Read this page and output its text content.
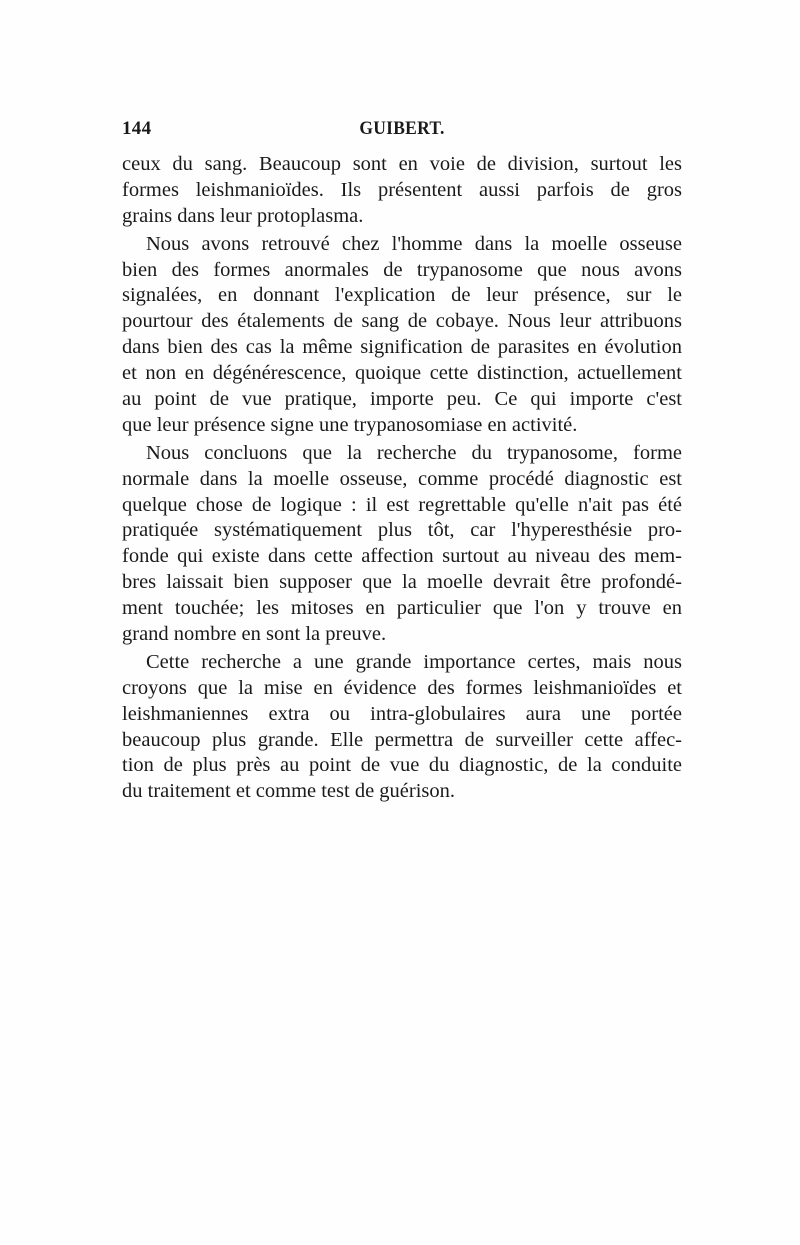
144	GUIBERT.
ceux du sang. Beaucoup sont en voie de division, surtout les
formes leishmanioïdes. Ils présentent aussi parfois de gros
grains dans leur protoplasma.
Nous avons retrouvé chez l'homme dans la moelle osseuse
bien des formes anormales de trypanosome que nous avons
signalées, en donnant l'explication de leur présence, sur le
pourtour des étalements de sang de cobaye. Nous leur attribuons
dans bien des cas la même signification de parasites en évolution
et non en dégénérescence, quoique cette distinction, actuellement
au point de vue pratique, importe peu. Ce qui importe c'est
que leur présence signe une trypanosomiase en activité.
Nous concluons que la recherche du trypanosome, forme
normale dans la moelle osseuse, comme procédé diagnostic est
quelque chose de logique : il est regrettable qu'elle n'ait pas été
pratiquée systématiquement plus tôt, car l'hyperesthésie pro-
fonde qui existe dans cette affection surtout au niveau des mem-
bres laissait bien supposer que la moelle devrait être profondé-
ment touchée; les mitoses en particulier que l'on y trouve en
grand nombre en sont la preuve.
Cette recherche a une grande importance certes, mais nous
croyons que la mise en évidence des formes leishmanioïdes et
leishmaniennes extra ou intra-globulaires aura une portée
beaucoup plus grande. Elle permettra de surveiller cette affec-
tion de plus près au point de vue du diagnostic, de la conduite
du traitement et comme test de guérison.
